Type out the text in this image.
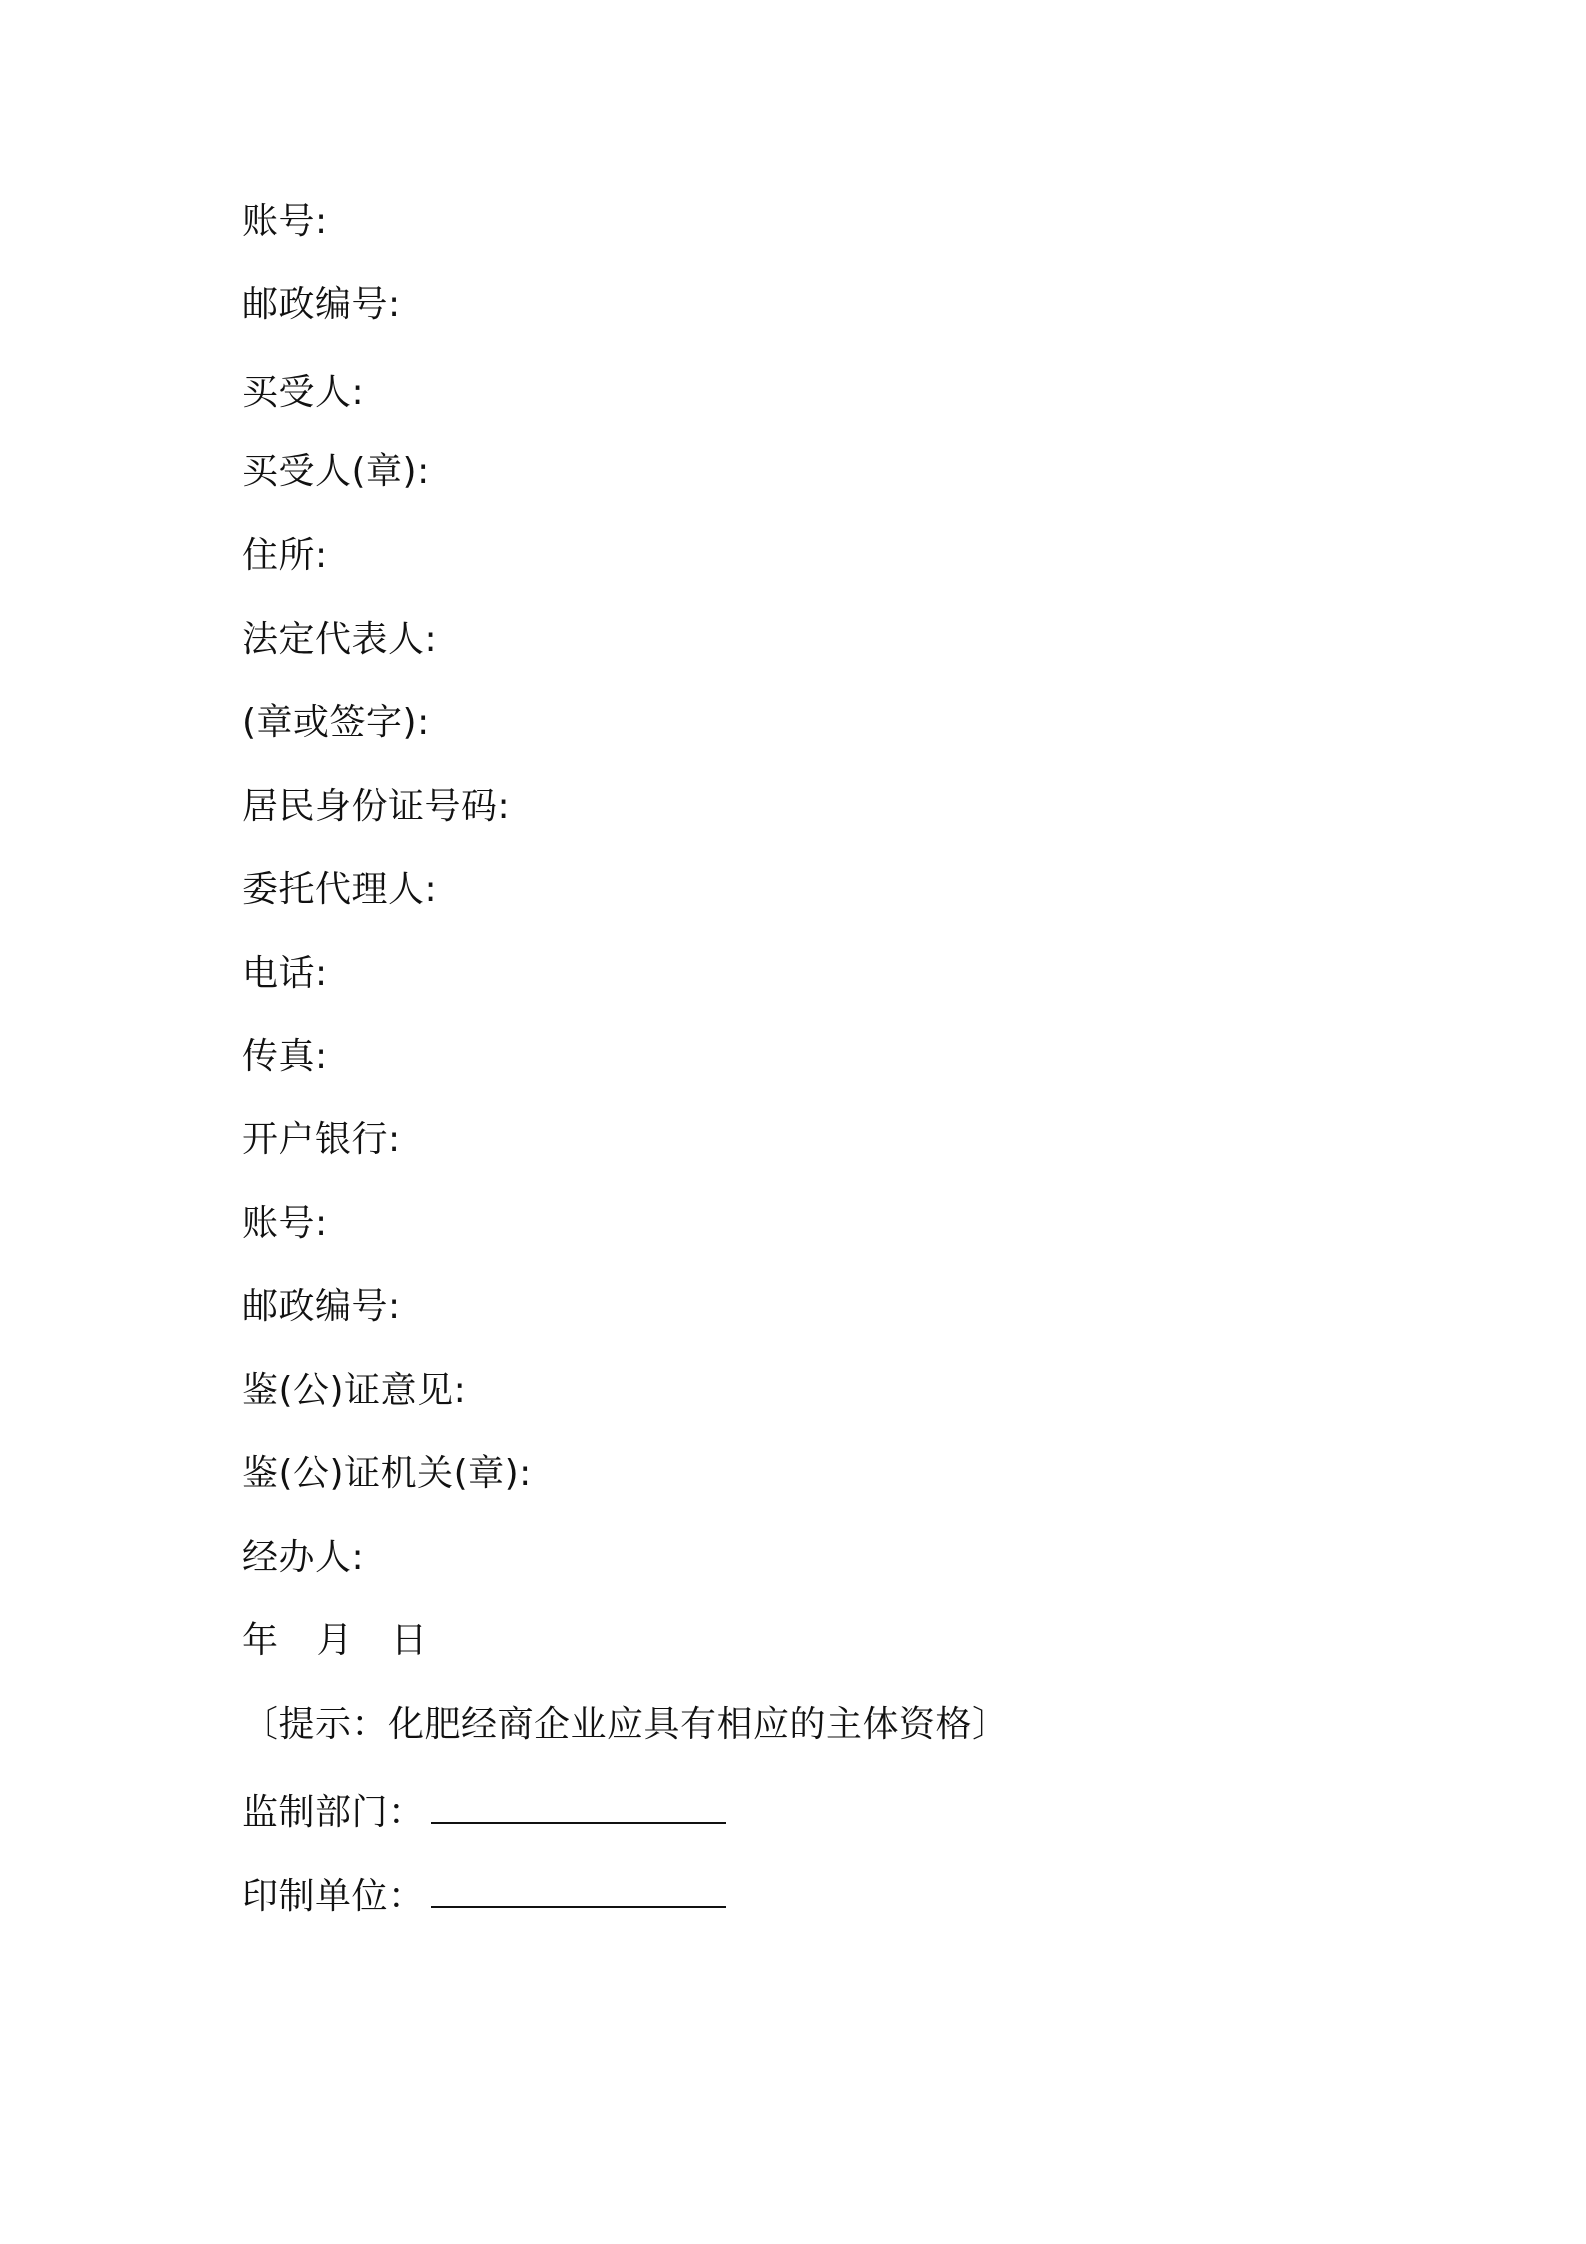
账号:

邮政编号:

买受人:

买受人(章):

住所:

法定代表人:

(章或签字):

居民身份证号码:

委托代理人:

电话:

传真:

开户银行:

账号:

邮政编号:

鉴(公)证意见:

鉴(公)证机关(章):

经办人:

年 月 日

〔提示：化肥经商企业应具有相应的主体资格〕

监制部门：

印制单位：
